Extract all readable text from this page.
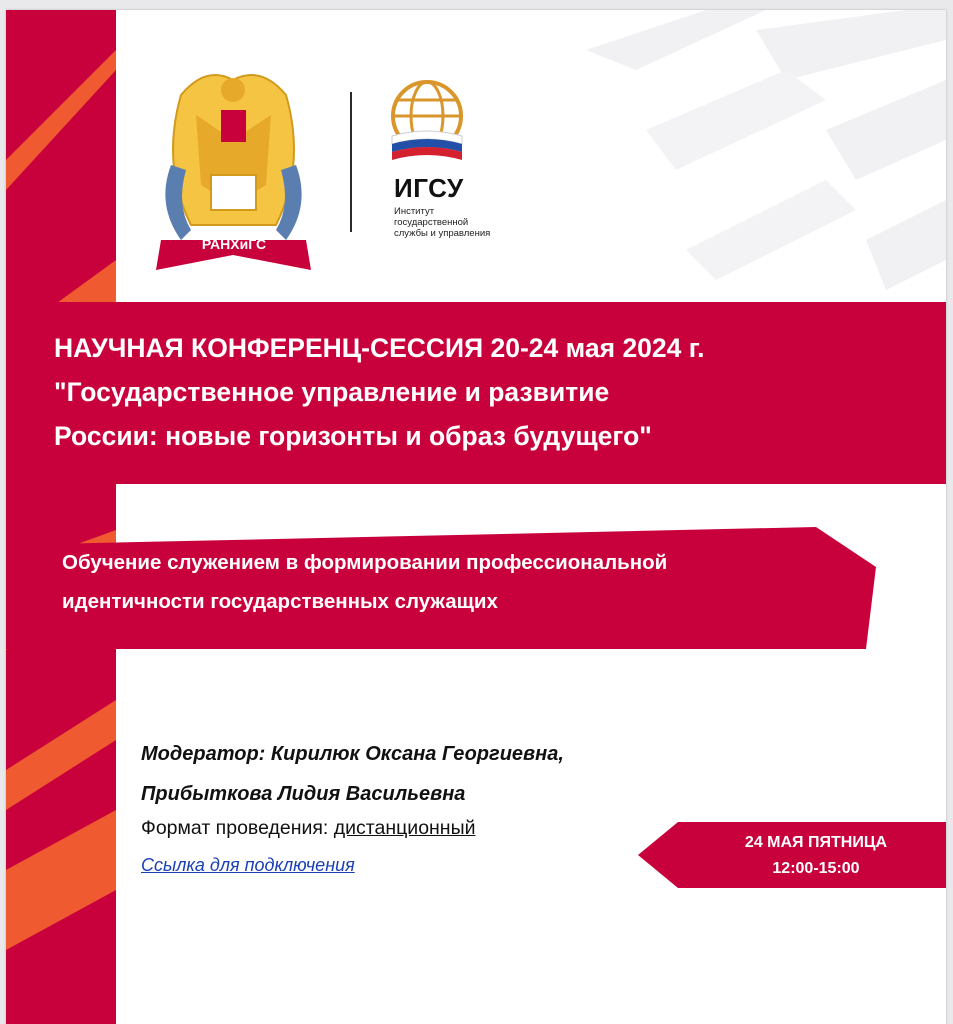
РАНХиГС
ИГСУ
Институт
государственной
службы и управления
НАУЧНАЯ КОНФЕРЕНЦ-СЕССИЯ 20-24 мая 2024 г.
"Государственное управление и развитие
России: новые горизонты и образ будущего"
Обучение служением в формировании профессиональной
идентичности государственных служащих
Модератор: Кирилюк Оксана Георгиевна,
Прибыткова Лидия Васильевна
Формат проведения: дистанционный
Ссылка для подключения
24 МАЯ ПЯТНИЦА
12:00-15:00
